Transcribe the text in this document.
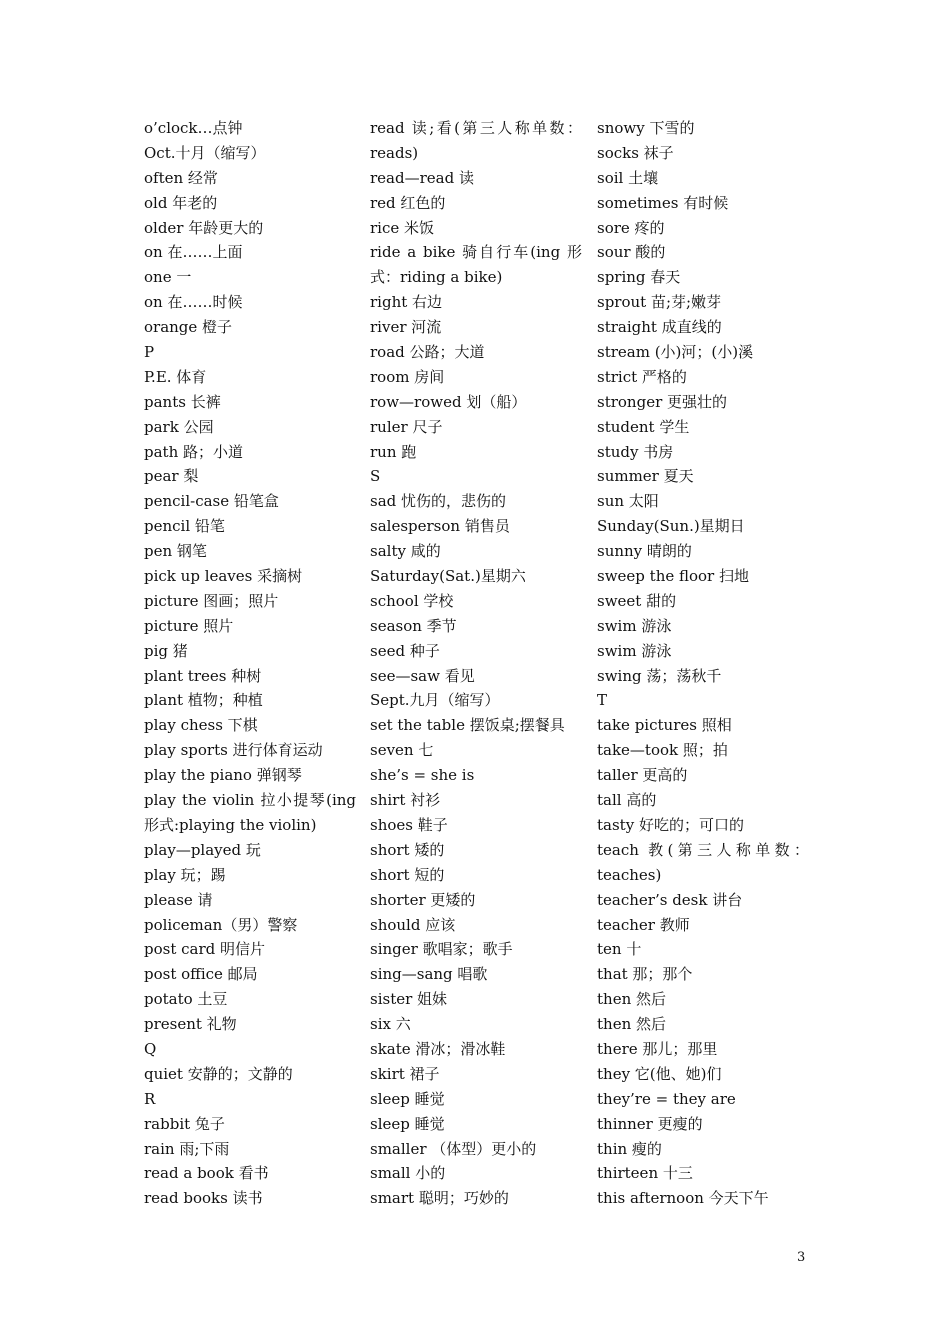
o’clock…点钟
Oct.十月（缩写）
often 经常
old 年老的
older 年龄更大的
on 在……上面
one 一
on 在……时候
orange 橙子
P
P.E. 体育
pants 长裤
park 公园
path 路；小道
pear 梨
pencil-case 铅笔盒
pencil 铅笔
pen 钢笔
pick up leaves 采摘树
picture 图画；照片
picture 照片
pig 猪
plant trees 种树
plant 植物；种植
play chess 下棋
play sports 进行体育运动
play the piano 弹钢琴
play the violin 拉小提琴(ing
形式:playing the violin)
play—played 玩
play 玩；踢
please 请
policeman（男）警察
post card 明信片
post office 邮局
potato 土豆
present 礼物
Q
quiet 安静的；文静的
R
rabbit 兔子
rain 雨;下雨
read a book 看书
read books 读书
read 读;看(第三人称单数：
reads)
read—read 读
red 红色的
rice 米饭
ride a bike 骑自行车(ing 形
式：riding a bike)
right 右边
river 河流
road 公路；大道
room 房间
row—rowed 划（船）
ruler 尺子
run 跑
S
sad 忧伤的，悲伤的
salesperson 销售员
salty 咸的
Saturday(Sat.)星期六
school 学校
season 季节
seed 种子
see—saw 看见
Sept.九月（缩写）
set the table 摆饭桌;摆餐具
seven 七
she’s = she is
shirt 衬衫
shoes 鞋子
short 矮的
short 短的
shorter 更矮的
should 应该
singer 歌唱家；歌手
sing—sang 唱歌
sister 姐妹
six 六
skate 滑冰；滑冰鞋
skirt 裙子
sleep 睡觉
sleep 睡觉
smaller （体型）更小的
small 小的
smart 聪明；巧妙的
snowy 下雪的
socks 袜子
soil 土壤
sometimes 有时候
sore 疼的
sour 酸的
spring 春天
sprout 苗;芽;嫩芽
straight 成直线的
stream (小)河；(小)溪
strict 严格的
stronger 更强壮的
student 学生
study 书房
summer 夏天
sun 太阳
Sunday(Sun.)星期日
sunny 晴朗的
sweep the floor 扫地
sweet 甜的
swim 游泳
swim 游泳
swing 荡；荡秋千
T
take pictures 照相
take—took 照；拍
taller 更高的
tall 高的
tasty 好吃的；可口的
teach 教(第三人称单数：
teaches)
teacher’s desk 讲台
teacher 教师
ten 十
that 那；那个
then 然后
then 然后
there 那儿；那里
they 它(他、她)们
they’re = they are
thinner 更瘦的
thin 瘦的
thirteen 十三
this afternoon 今天下午
3
